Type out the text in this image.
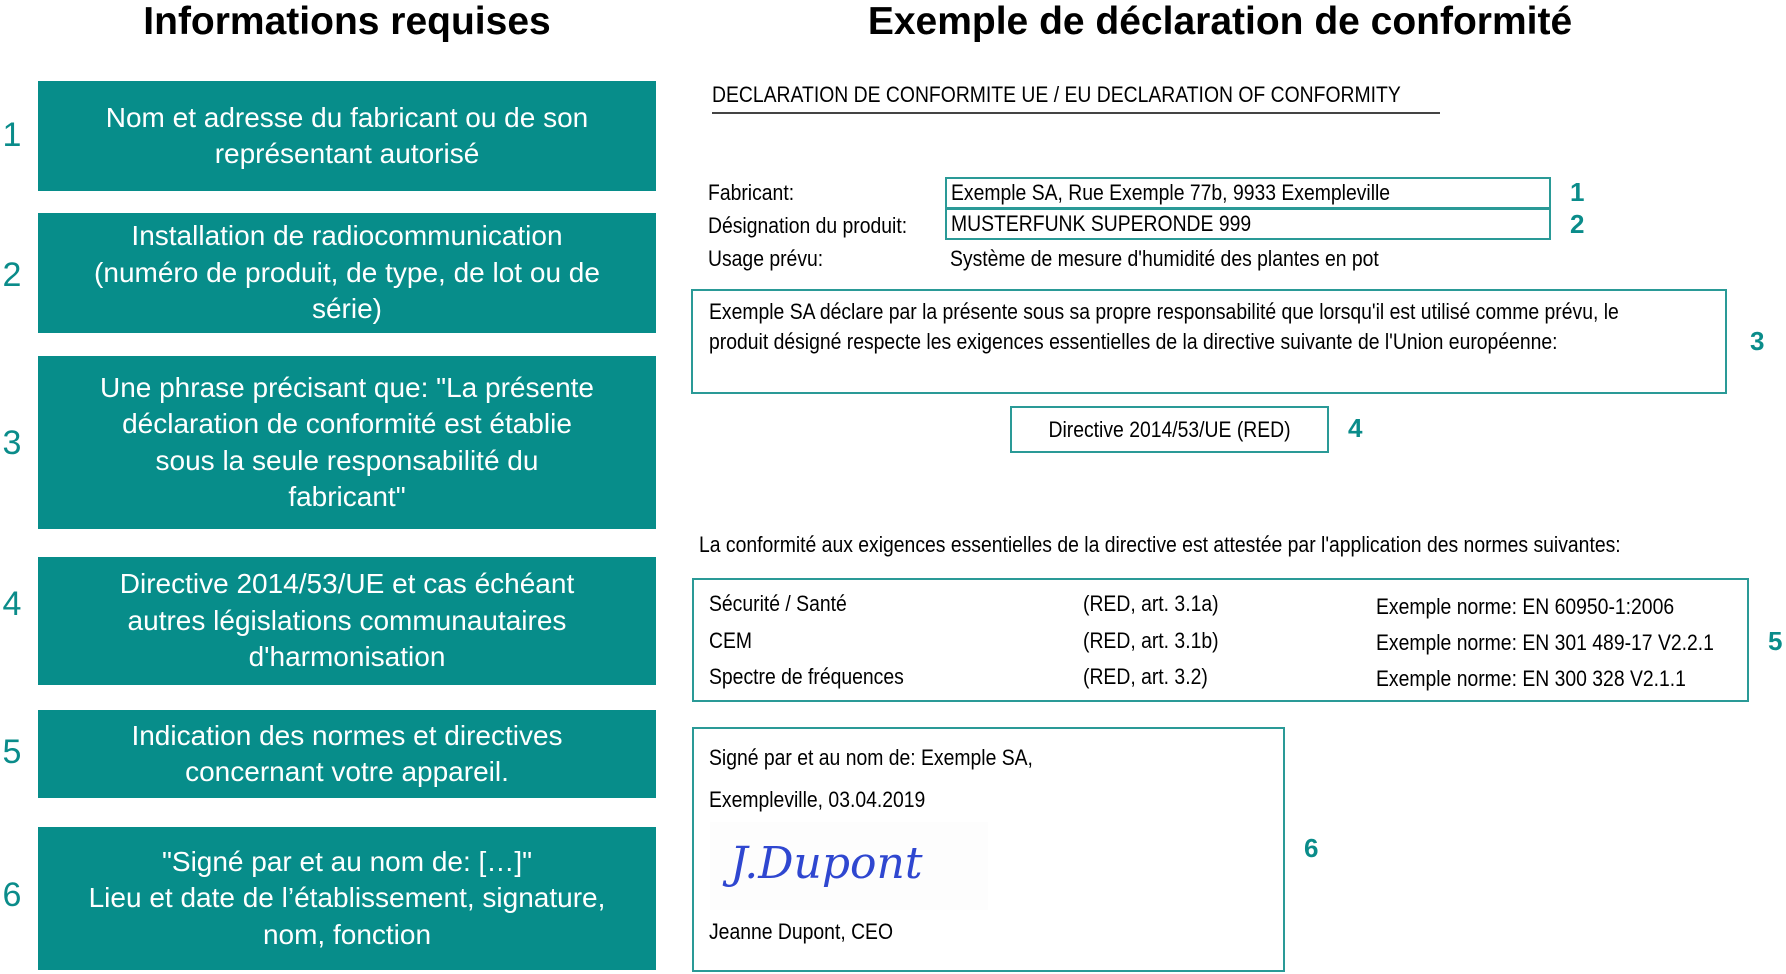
Informations requises	Exemple de déclaration de conformité
1	Nom et adresse du fabricant ou de son
représentant autorisé
2
Installation de radiocommunication
(numéro de produit, de type, de lot ou de
série)
3
Une phrase précisant que: "La présente
déclaration de conformité est établie
sous la seule responsabilité du
fabricant"
4
Directive 2014/53/UE et cas échéant
autres législations communautaires
d'harmonisation
5	Indication des normes et directives
concernant votre appareil.
6
"Signé par et au nom de: […]"
Lieu et date de l’établissement, signature,
nom, fonction
DECLARATION DE CONFORMITE UE / EU DECLARATION OF CONFORMITY
Fabricant:	Exemple SA, Rue Exemple 77b, 9933 Exempleville	1
Désignation du produit:	MUSTERFUNK SUPERONDE 999	2
Usage prévu:	Système de mesure d'humidité des plantes en pot
Exemple SA déclare par la présente sous sa propre responsabilité que lorsqu'il est utilisé comme prévu, le
produit désigné respecte les exigences essentielles de la directive suivante de l'Union européenne:	3
Directive 2014/53/UE (RED) 4
La conformité aux exigences essentielles de la directive est attestée par l'application des normes suivantes:
Sécurité / Santé	(RED, art. 3.1a)	Exemple norme: EN 60950-1:2006
CEM	(RED, art. 3.1b)	Exemple norme: EN 301 489-17 V2.2.1
Spectre de fréquences	(RED, art. 3.2)	Exemple norme: EN 300 328 V2.1.1
5
Signé par et au nom de: Exemple SA,
Exempleville, 03.04.2019
J.Dupont
Jeanne Dupont, CEO
6
